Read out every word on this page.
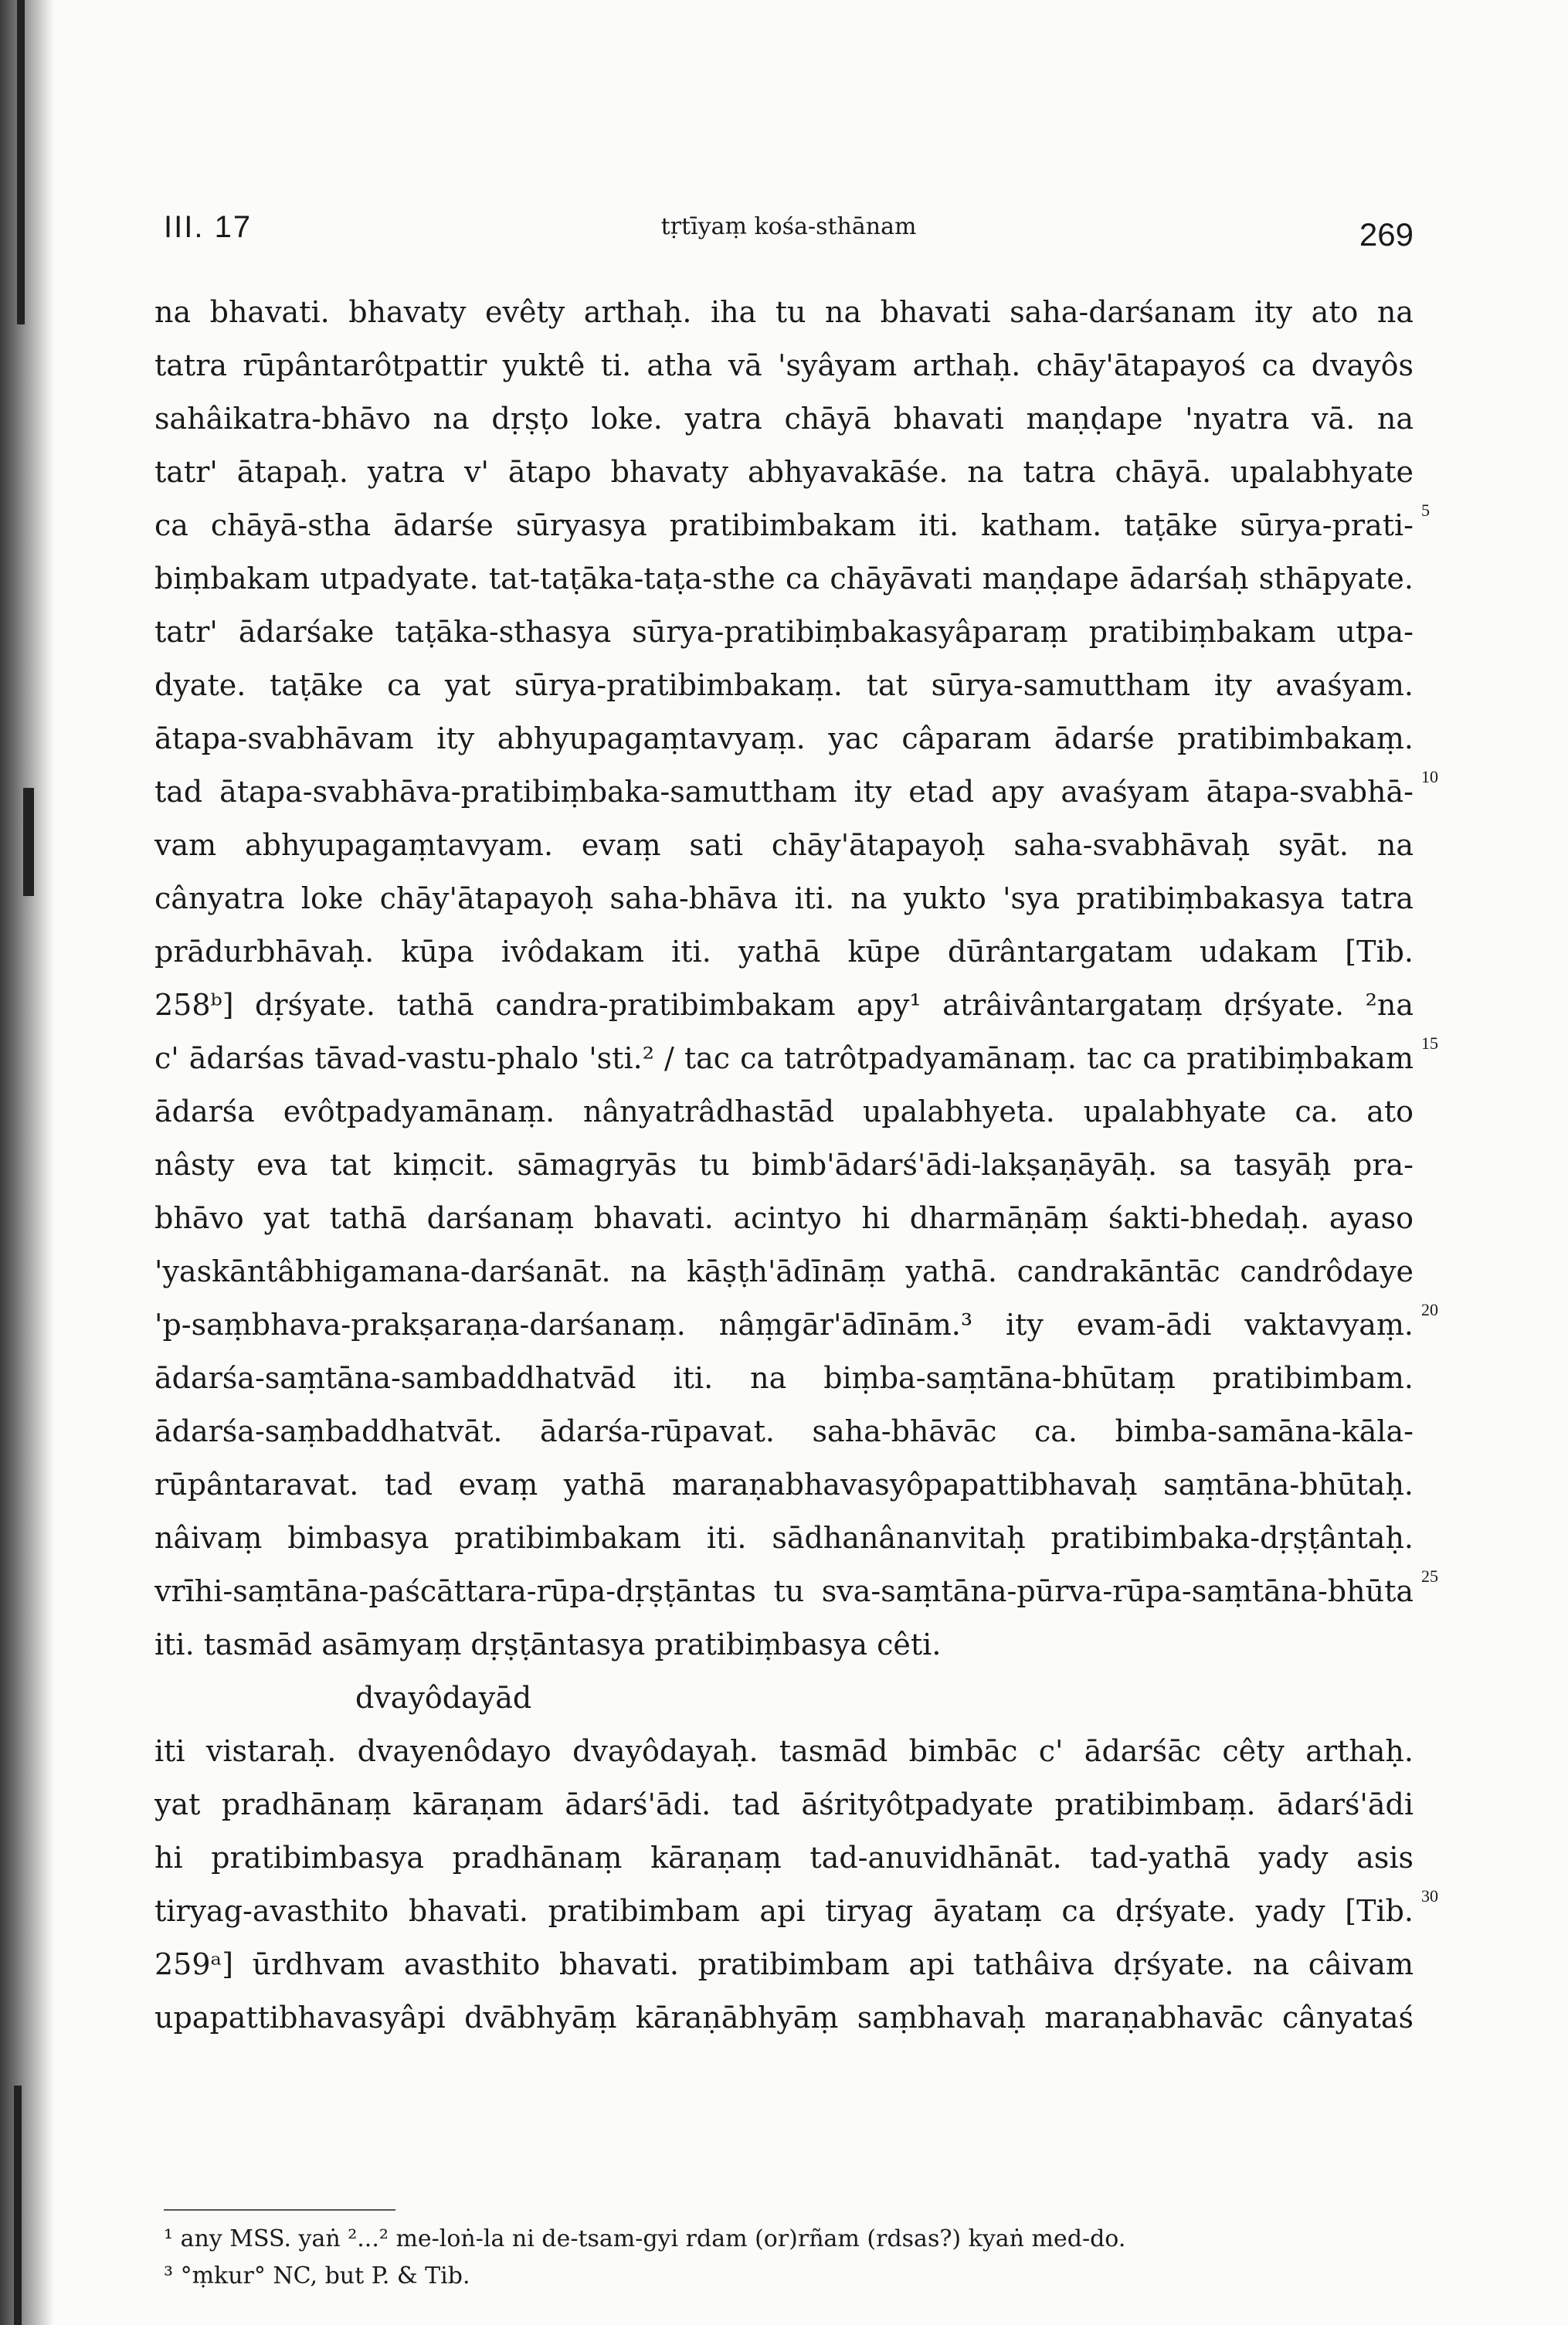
III. 17	tṛtīyaṃ kośa-sthānam	269
na bhavati. bhavaty evêty arthaḥ. iha tu na bhavati saha-darśanam ity ato na
tatra rūpântarôtpattir yuktê ti. atha vā 'syâyam arthaḥ. chāy'ātapayoś ca dvayôs
sahâikatra-bhāvo na dṛṣṭo loke. yatra chāyā bhavati maṇḍape 'nyatra vā. na
tatr' ātapaḥ. yatra v' ātapo bhavaty abhyavakāśe. na tatra chāyā. upalabhyate
ca chāyā-stha ādarśe sūryasya pratibimbakam iti. katham. taṭāke sūrya-prati-
biṃbakam utpadyate. tat-taṭāka-taṭa-sthe ca chāyāvati maṇḍape ādarśaḥ sthāpyate.
tatr' ādarśake taṭāka-sthasya sūrya-pratibiṃbakasyâparaṃ pratibiṃbakam utpa-
dyate. taṭāke ca yat sūrya-pratibimbakaṃ. tat sūrya-samuttham ity avaśyam.
ātapa-svabhāvam ity abhyupagaṃtavyaṃ. yac câparam ādarśe pratibimbakaṃ.
tad ātapa-svabhāva-pratibiṃbaka-samuttham ity etad apy avaśyam ātapa-svabhā-
vam abhyupagaṃtavyam. evaṃ sati chāy'ātapayoḥ saha-svabhāvaḥ syāt. na
cânyatra loke chāy'ātapayoḥ saha-bhāva iti. na yukto 'sya pratibiṃbakasya tatra
prādurbhāvaḥ. kūpa ivôdakam iti. yathā kūpe dūrântargatam udakam [Tib.
258ᵇ] dṛśyate. tathā candra-pratibimbakam apy¹ atrâivântargataṃ dṛśyate. ²na
c' ādarśas tāvad-vastu-phalo 'sti.² / tac ca tatrôtpadyamānaṃ. tac ca pratibiṃbakam
ādarśa evôtpadyamānaṃ. nânyatrâdhastād upalabhyeta. upalabhyate ca. ato
nâsty eva tat kiṃcit. sāmagryās tu bimb'ādarś'ādi-lakṣaṇāyāḥ. sa tasyāḥ pra-
bhāvo yat tathā darśanaṃ bhavati. acintyo hi dharmāṇāṃ śakti-bhedaḥ. ayaso
'yaskāntâbhigamana-darśanāt. na kāṣṭh'ādīnāṃ yathā. candrakāntāc candrôdaye
'p-saṃbhava-prakṣaraṇa-darśanaṃ. nâṃgār'ādīnām.³ ity evam-ādi vaktavyaṃ.
ādarśa-saṃtāna-sambaddhatvād iti. na biṃba-saṃtāna-bhūtaṃ pratibimbam.
ādarśa-saṃbaddhatvāt. ādarśa-rūpavat. saha-bhāvāc ca. bimba-samāna-kāla-
rūpântaravat. tad evaṃ yathā maraṇabhavasyôpapattibhavaḥ saṃtāna-bhūtaḥ.
nâivaṃ bimbasya pratibimbakam iti. sādhanânanvitaḥ pratibimbaka-dṛṣṭântaḥ.
vrīhi-saṃtāna-paścāttara-rūpa-dṛṣṭāntas tu sva-saṃtāna-pūrva-rūpa-saṃtāna-bhūta
iti. tasmād asāmyaṃ dṛṣṭāntasya pratibiṃbasya cêti.
dvayôdayād
iti vistaraḥ. dvayenôdayo dvayôdayaḥ. tasmād bimbāc c' ādarśāc cêty arthaḥ.
yat pradhānaṃ kāraṇam ādarś'ādi. tad āśrityôtpadyate pratibimbaṃ. ādarś'ādi
hi pratibimbasya pradhānaṃ kāraṇaṃ tad-anuvidhānāt. tad-yathā yady asis
tiryag-avasthito bhavati. pratibimbam api tiryag āyataṃ ca dṛśyate. yady [Tib.
259ᵃ] ūrdhvam avasthito bhavati. pratibimbam api tathâiva dṛśyate. na câivam
upapattibhavasyâpi dvābhyāṃ kāraṇābhyāṃ saṃbhavaḥ maraṇabhavāc cânyataś
5
10
15
20
25
30
¹ any MSS. yaṅ ²...² me-loṅ-la ni de-tsam-gyi rdam (or)rñam (rdsas?) kyaṅ med-do.
³ °ṃkur° NC, but P. & Tib.
